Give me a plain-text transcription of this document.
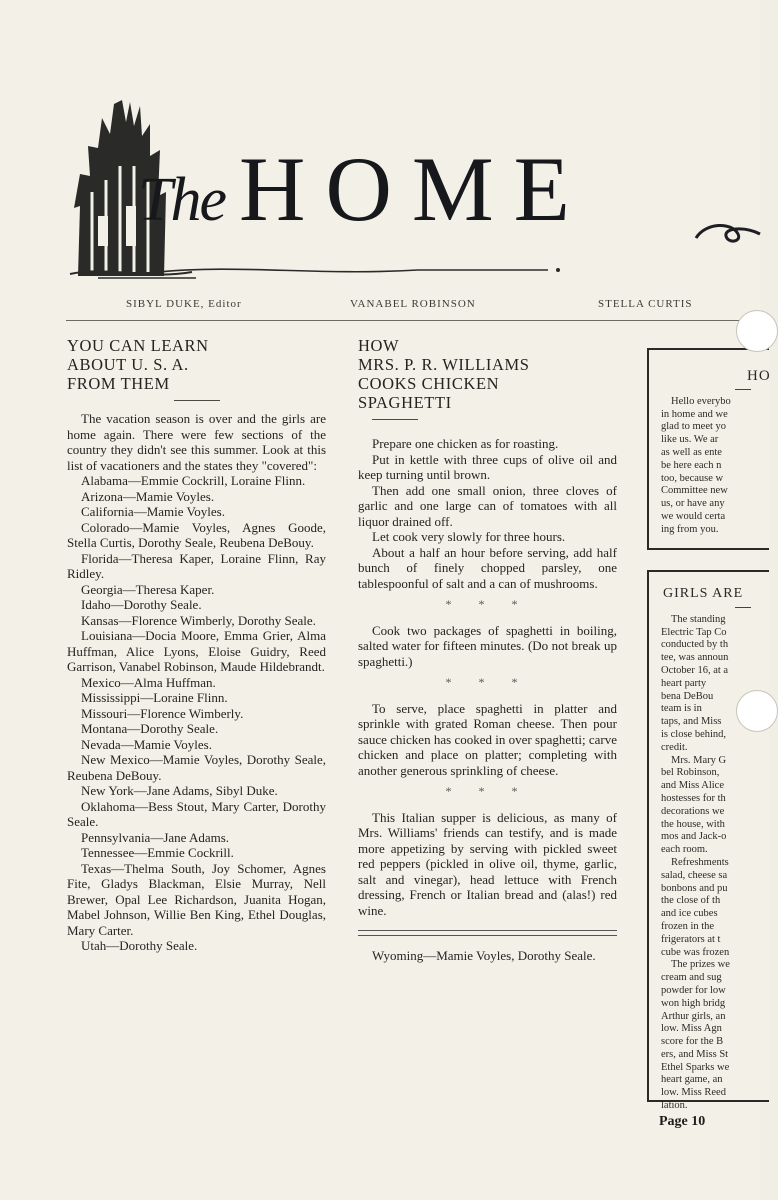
The HOME
SIBYL DUKE, Editor	VANABEL ROBINSON	STELLA CURTIS
YOU CAN LEARN
ABOUT U. S. A.
FROM THEM

The vacation season is over and the girls are home again. There were few sections of the country they didn't see this summer. Look at this list of vacationers and the states they "covered":

Alabama—Emmie Cockrill, Loraine Flinn.

Arizona—Mamie Voyles.

California—Mamie Voyles.

Colorado—Mamie Voyles, Agnes Goode, Stella Curtis, Dorothy Seale, Reubena DeBouy.

Florida—Theresa Kaper, Loraine Flinn, Ray Ridley.

Georgia—Theresa Kaper.

Idaho—Dorothy Seale.

Kansas—Florence Wimberly, Dorothy Seale.

Louisiana—Docia Moore, Emma Grier, Alma Huffman, Alice Lyons, Eloise Guidry, Reed Garrison, Vanabel Robinson, Maude Hildebrandt.

Mexico—Alma Huffman.

Mississippi—Loraine Flinn.

Missouri—Florence Wimberly.

Montana—Dorothy Seale.

Nevada—Mamie Voyles.

New Mexico—Mamie Voyles, Dorothy Seale, Reubena DeBouy.

New York—Jane Adams, Sibyl Duke.

Oklahoma—Bess Stout, Mary Carter, Dorothy Seale.

Pennsylvania—Jane Adams.

Tennessee—Emmie Cockrill.

Texas—Thelma South, Joy Schomer, Agnes Fite, Gladys Blackman, Elsie Murray, Nell Brewer, Opal Lee Richardson, Juanita Hogan, Mabel Johnson, Willie Ben King, Ethel Douglas, Mary Carter.

Utah—Dorothy Seale.

HOW
MRS. P. R. WILLIAMS
COOKS CHICKEN
SPAGHETTI

Prepare one chicken as for roasting.

Put in kettle with three cups of olive oil and keep turning until brown.

Then add one small onion, three cloves of garlic and one large can of tomatoes with all liquor drained off.

Let cook very slowly for three hours.

About a half an hour before serving, add half bunch of finely chopped parsley, one tablespoonful of salt and a can of mushrooms.

* * *

Cook two packages of spaghetti in boiling, salted water for fifteen minutes. (Do not break up spaghetti.)

* * *

To serve, place spaghetti in platter and sprinkle with grated Roman cheese. Then pour sauce chicken has cooked in over spaghetti; carve chicken and place on platter; completing with another generous sprinkling of cheese.

* * *

This Italian supper is delicious, as many of Mrs. Williams' friends can testify, and is made more appetizing by serving with pickled sweet red peppers (pickled in olive oil, thyme, garlic, salt and vinegar), head lettuce with French dressing, French or Italian bread and (alas!) red wine.

Wyoming—Mamie Voyles, Dorothy Seale.

HO
Hello everybo
in home and we
glad to meet yo
like us. We ar
as well as ente
be here each n
too, because w
Committee new
us, or have any
we would certa
ing from you.
GIRLS ARE
The standing
Electric Tap Co
conducted by th
tee, was announ
October 16, at a
heart party
bena DeBou
team is in
taps, and Miss
is close behind,
credit.
Mrs. Mary G
bel Robinson,
and Miss Alice
hostesses for th
decorations we
the house, with
mos and Jack-o
each room.
Refreshments
salad, cheese sa
bonbons and pu
the close of th
and ice cubes
frozen in the
frigerators at t
cube was frozen
The prizes we
cream and sug
powder for low
won high bridg
Arthur girls, an
low. Miss Agn
score for the B
ers, and Miss St
Ethel Sparks we
heart game, an
low. Miss Reed
lation.
Page 10
